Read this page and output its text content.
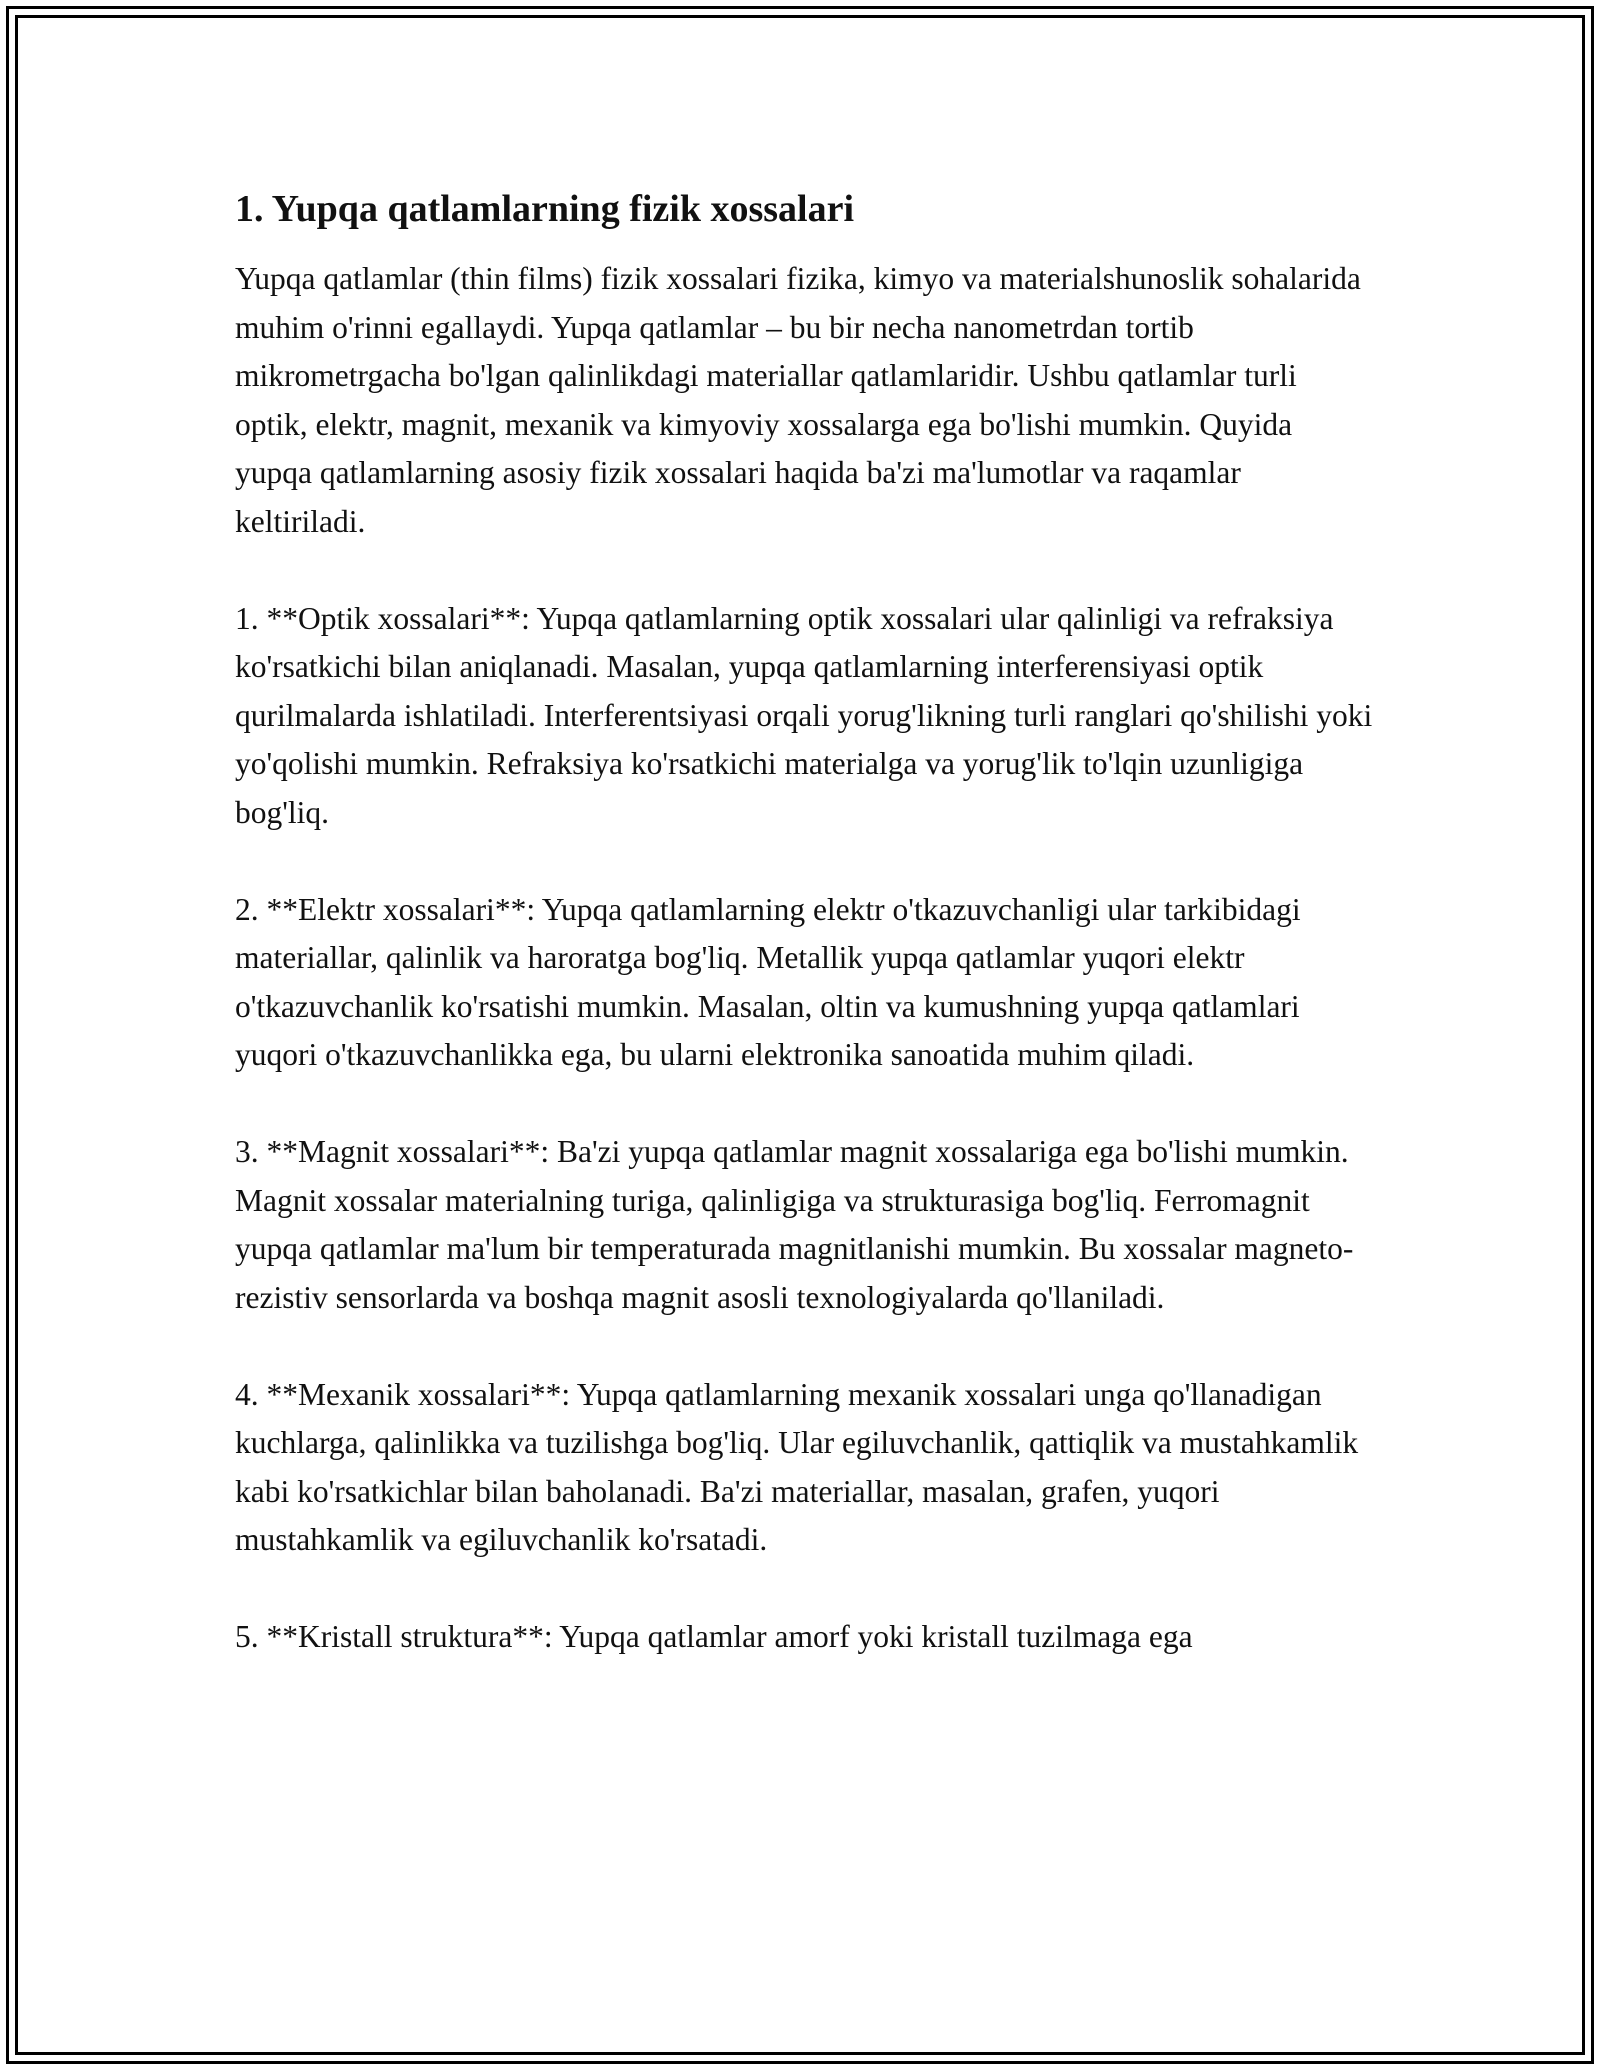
1. Yupqa qatlamlarning fizik xossalari

Yupqa qatlamlar (thin films) fizik xossalari fizika, kimyo va materialshunoslik sohalarida muhim o'rinni egallaydi. Yupqa qatlamlar – bu bir necha nanometrdan tortib mikrometrgacha bo'lgan qalinlikdagi materiallar qatlamlaridir. Ushbu qatlamlar turli optik, elektr, magnit, mexanik va kimyoviy xossalarga ega bo'lishi mumkin. Quyida yupqa qatlamlarning asosiy fizik xossalari haqida ba'zi ma'lumotlar va raqamlar keltiriladi.

1. **Optik xossalari**: Yupqa qatlamlarning optik xossalari ular qalinligi va refraksiya ko'rsatkichi bilan aniqlanadi. Masalan, yupqa qatlamlarning interferensiyasi optik qurilmalarda ishlatiladi. Interferentsiyasi orqali yorug'likning turli ranglari qo'shilishi yoki yo'qolishi mumkin. Refraksiya ko'rsatkichi materialga va yorug'lik to'lqin uzunligiga bog'liq.

2. **Elektr xossalari**: Yupqa qatlamlarning elektr o'tkazuvchanligi ular tarkibidagi materiallar, qalinlik va haroratga bog'liq. Metallik yupqa qatlamlar yuqori elektr o'tkazuvchanlik ko'rsatishi mumkin. Masalan, oltin va kumushning yupqa qatlamlari yuqori o'tkazuvchanlikka ega, bu ularni elektronika sanoatida muhim qiladi.

3. **Magnit xossalari**: Ba'zi yupqa qatlamlar magnit xossalariga ega bo'lishi mumkin. Magnit xossalar materialning turiga, qalinligiga va strukturasiga bog'liq. Ferromagnit yupqa qatlamlar ma'lum bir temperaturada magnitlanishi mumkin. Bu xossalar magneto-rezistiv sensorlarda va boshqa magnit asosli texnologiyalarda qo'llaniladi.

4. **Mexanik xossalari**: Yupqa qatlamlarning mexanik xossalari unga qo'llanadigan kuchlarga, qalinlikka va tuzilishga bog'liq. Ular egiluvchanlik, qattiqlik va mustahkamlik kabi ko'rsatkichlar bilan baholanadi. Ba'zi materiallar, masalan, grafen, yuqori mustahkamlik va egiluvchanlik ko'rsatadi.

5. **Kristall struktura**: Yupqa qatlamlar amorf yoki kristall tuzilmaga ega
